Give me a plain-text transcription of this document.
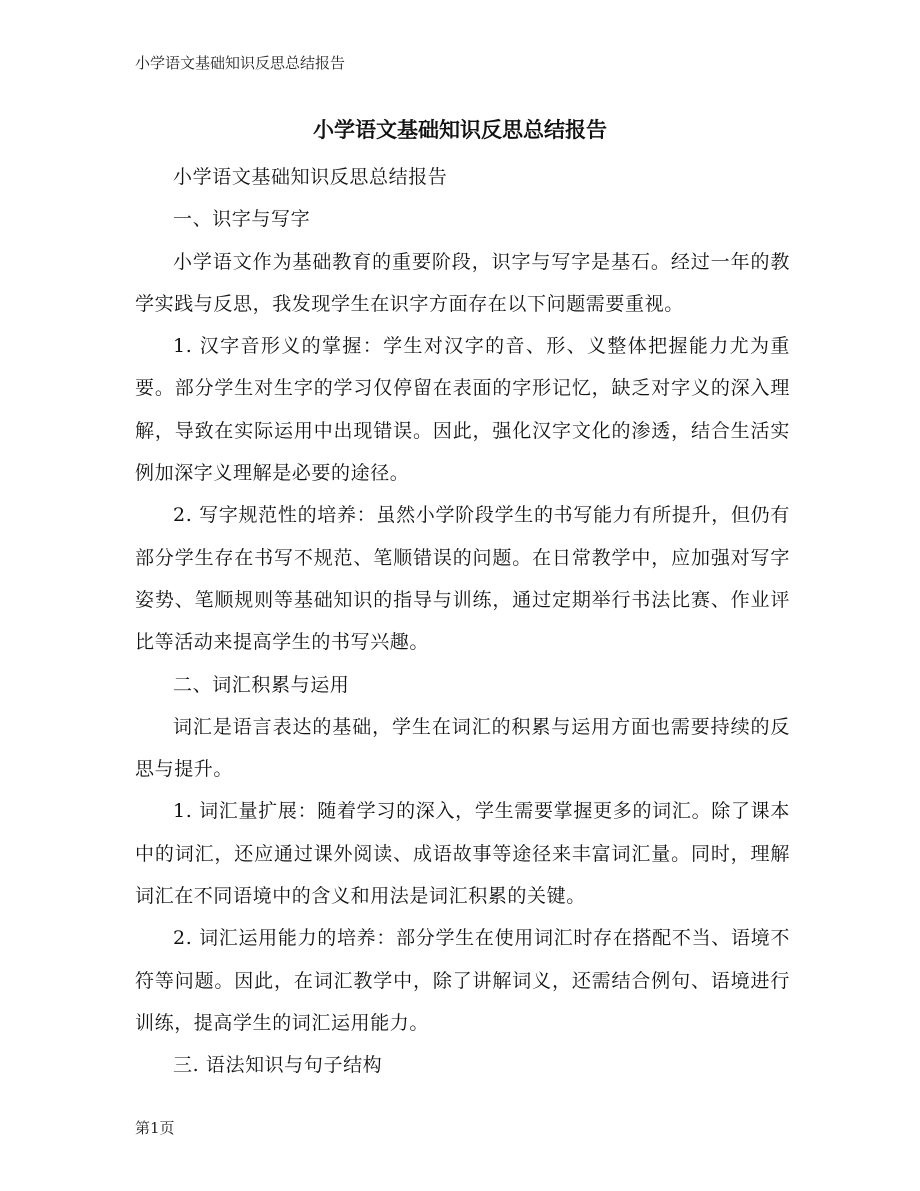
小学语文基础知识反思总结报告
小学语文基础知识反思总结报告

小学语文基础知识反思总结报告

一、识字与写字

小学语文作为基础教育的重要阶段，识字与写字是基石。经过一年的教学实践与反思，我发现学生在识字方面存在以下问题需要重视。

1. 汉字音形义的掌握：学生对汉字的音、形、义整体把握能力尤为重要。部分学生对生字的学习仅停留在表面的字形记忆，缺乏对字义的深入理解，导致在实际运用中出现错误。因此，强化汉字文化的渗透，结合生活实例加深字义理解是必要的途径。

2. 写字规范性的培养：虽然小学阶段学生的书写能力有所提升，但仍有部分学生存在书写不规范、笔顺错误的问题。在日常教学中，应加强对写字姿势、笔顺规则等基础知识的指导与训练，通过定期举行书法比赛、作业评比等活动来提高学生的书写兴趣。

二、词汇积累与运用

词汇是语言表达的基础，学生在词汇的积累与运用方面也需要持续的反思与提升。

1. 词汇量扩展：随着学习的深入，学生需要掌握更多的词汇。除了课本中的词汇，还应通过课外阅读、成语故事等途径来丰富词汇量。同时，理解词汇在不同语境中的含义和用法是词汇积累的关键。

2. 词汇运用能力的培养：部分学生在使用词汇时存在搭配不当、语境不符等问题。因此，在词汇教学中，除了讲解词义，还需结合例句、语境进行训练，提高学生的词汇运用能力。

三. 语法知识与句子结构

第1页
